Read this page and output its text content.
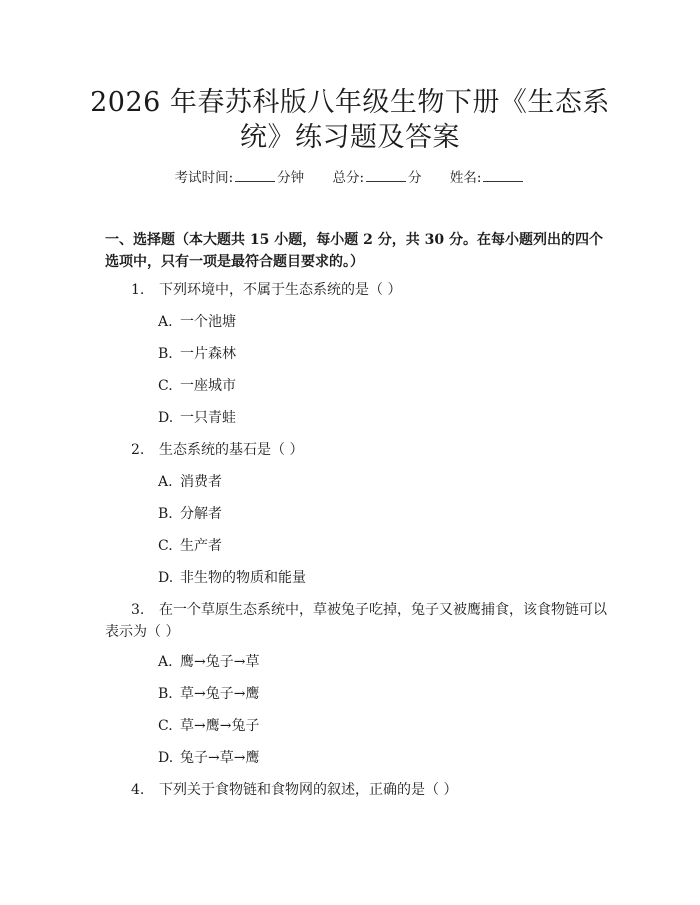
2026 年春苏科版八年级生物下册《生态系
统》练习题及答案
考试时间:	分钟 总分:	分 姓名:
一、选择题（本大题共 15 小题，每小题 2 分，共 30 分。在每小题列出的四个选项中，只有一项是最符合题目要求的。）
1. 下列环境中，不属于生态系统的是（ ）
A. 一个池塘
B. 一片森林
C. 一座城市
D. 一只青蛙
2. 生态系统的基石是（ ）
A. 消费者
B. 分解者
C. 生产者
D. 非生物的物质和能量
3. 在一个草原生态系统中，草被兔子吃掉，兔子又被鹰捕食，该食物链可以
表示为（ ）
A. 鹰→兔子→草
B. 草→兔子→鹰
C. 草→鹰→兔子
D. 兔子→草→鹰
4. 下列关于食物链和食物网的叙述，正确的是（ ）
